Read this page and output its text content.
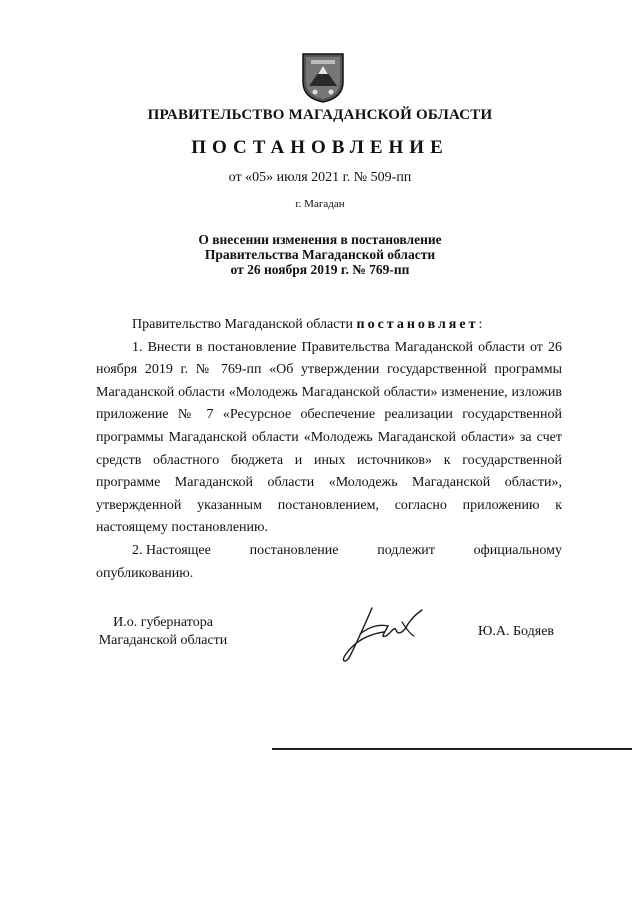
ПРАВИТЕЛЬСТВО МАГАДАНСКОЙ ОБЛАСТИ
ПОСТАНОВЛЕНИЕ
от «05» июля 2021 г. № 509-пп
г. Магадан
О внесении изменения в постановление
Правительства Магаданской области
от 26 ноября 2019 г. № 769-пп

Правительство Магаданской области постановляет:

1. Внести в постановление Правительства Магаданской области от 26 ноября 2019 г. № 769-пп «Об утверждении государственной программы Магаданской области «Молодежь Магаданской области» изменение, изложив приложение № 7 «Ресурсное обеспечение реализации государственной программы Магаданской области «Молодежь Магаданской области» за счет средств областного бюджета и иных источников» к государственной программе Магаданской области «Молодежь Магаданской области», утвержденной указанным постановлением, согласно приложению к настоящему постановлению.

2. Настоящее	постановление	подлежит	официальному
опубликованию.
И.о. губернатора
Магаданской области
Ю.А. Бодяев
